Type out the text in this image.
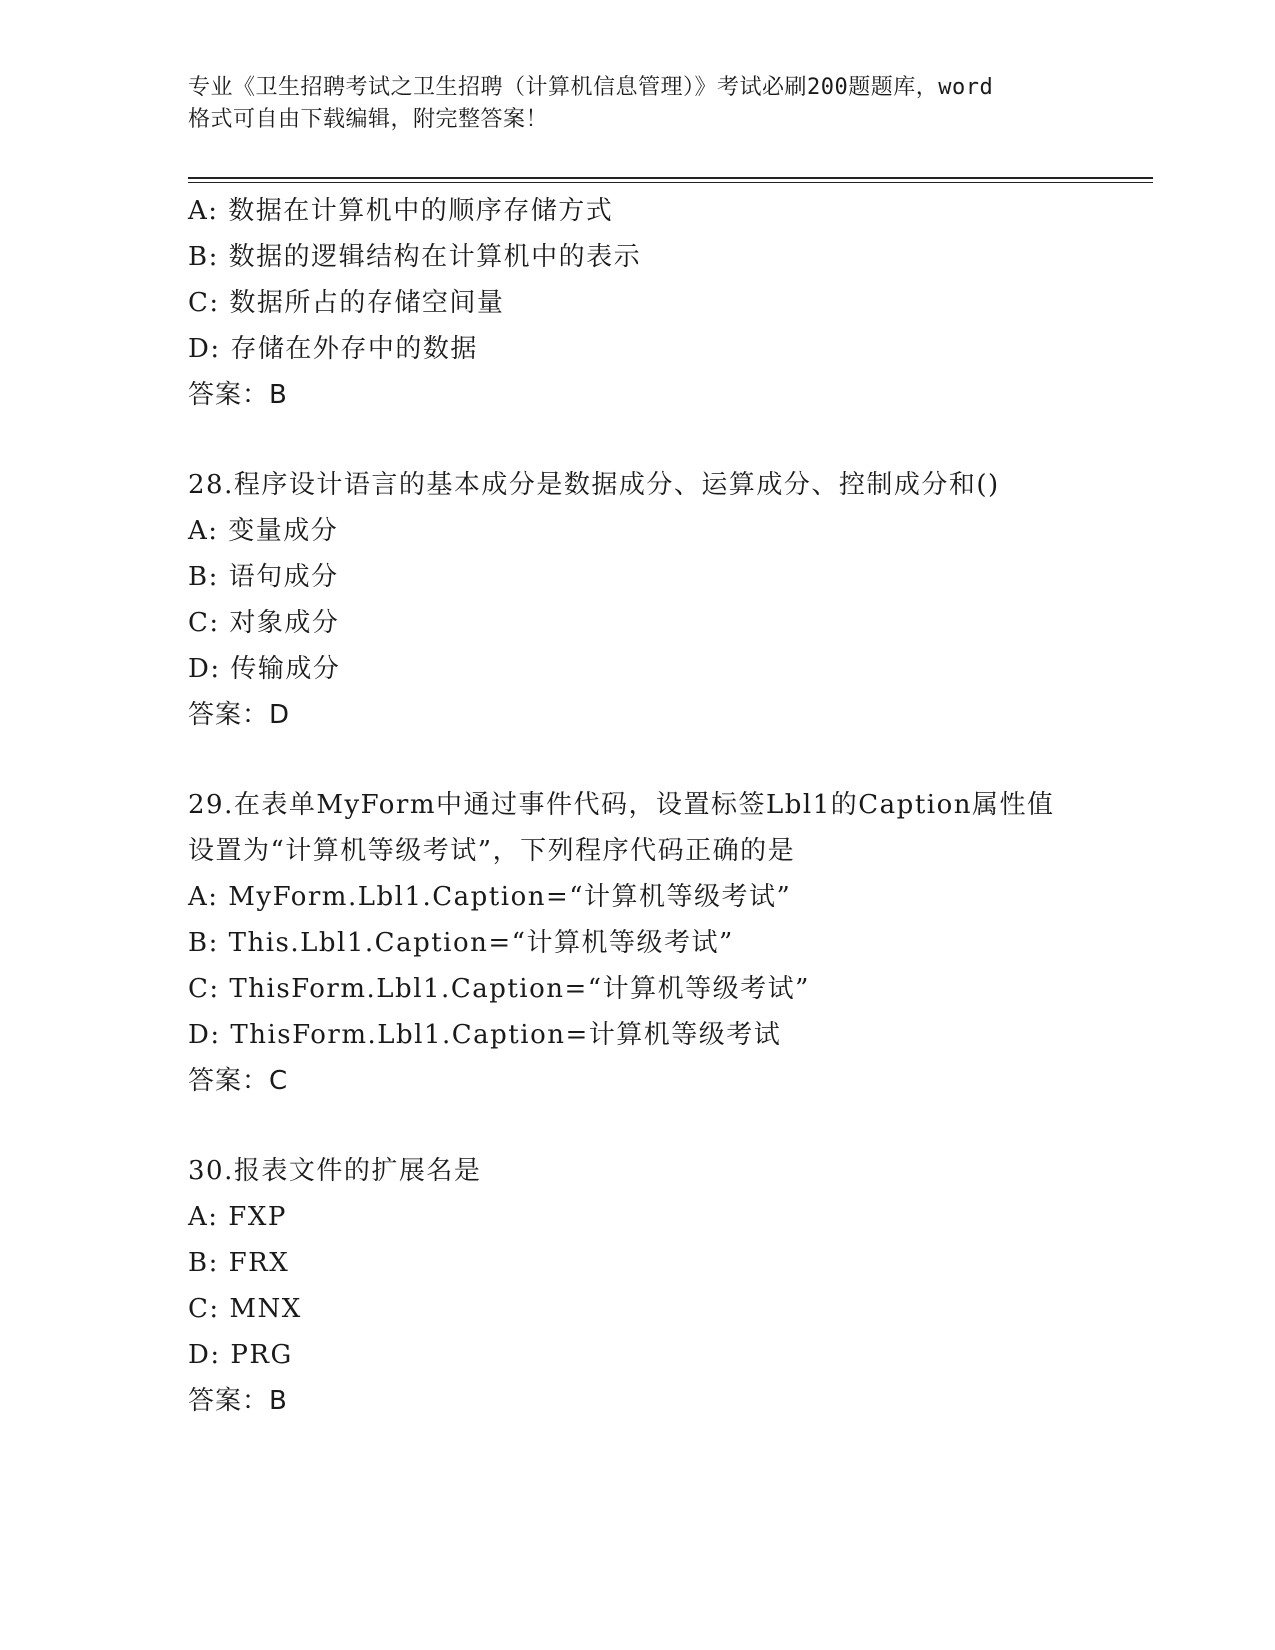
专业《卫生招聘考试之卫生招聘（计算机信息管理）》考试必刷200题题库，word
格式可自由下载编辑，附完整答案！
A: 数据在计算机中的顺序存储方式
B: 数据的逻辑结构在计算机中的表示
C: 数据所占的存储空间量
D: 存储在外存中的数据
答案：B
28.程序设计语言的基本成分是数据成分、运算成分、控制成分和()
A: 变量成分
B: 语句成分
C: 对象成分
D: 传输成分
答案：D
29.在表单MyForm中通过事件代码，设置标签Lbl1的Caption属性值
设置为“计算机等级考试”，下列程序代码正确的是
A: MyForm.Lbl1.Caption=“计算机等级考试”
B: This.Lbl1.Caption=“计算机等级考试”
C: ThisForm.Lbl1.Caption=“计算机等级考试”
D: ThisForm.Lbl1.Caption=计算机等级考试
答案：C
30.报表文件的扩展名是
A: FXP
B: FRX
C: MNX
D: PRG
答案：B
